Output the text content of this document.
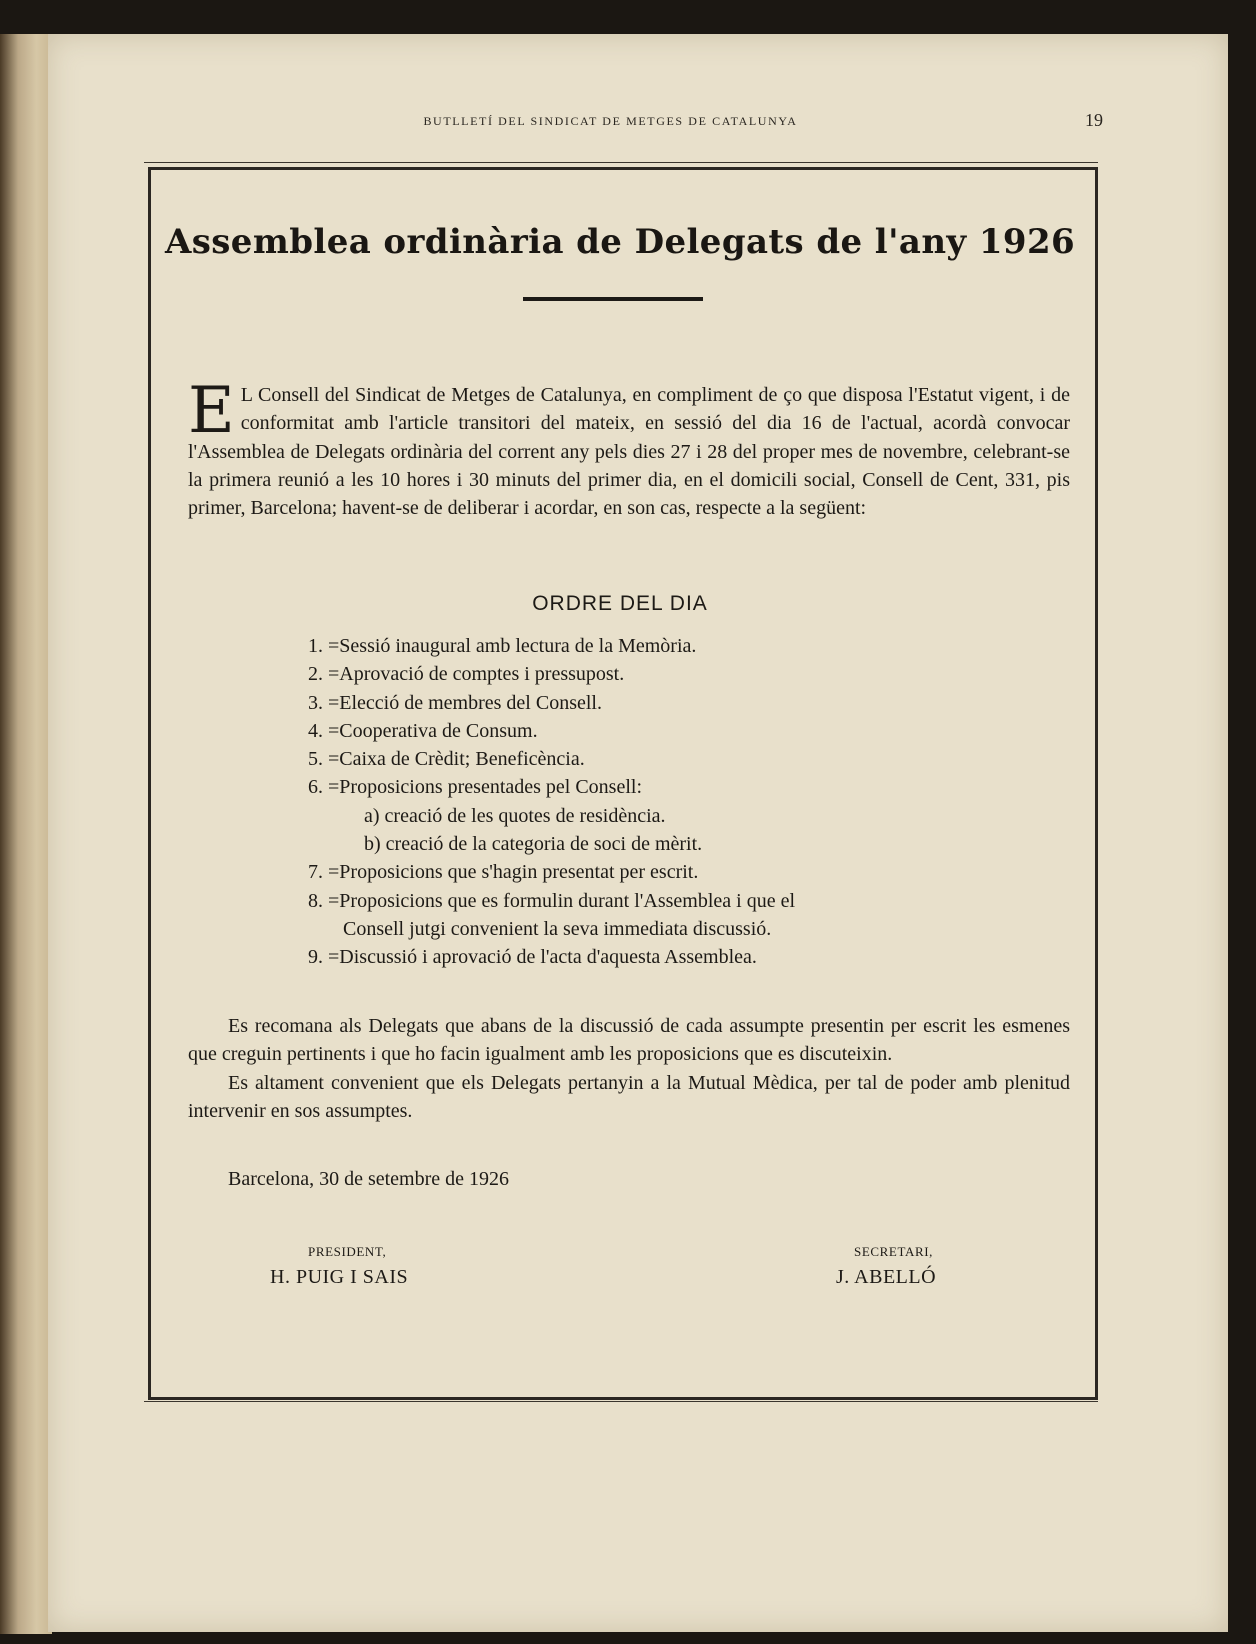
BUTLLETÍ DEL SINDICAT DE METGES DE CATALUNYA	19
Assemblea ordinària de Delegats de l'any 1926
E L Consell del Sindicat de Metges de Catalunya, en compliment de ço que disposa l'Estatut vigent, i de conformitat amb l'article transitori del mateix, en sessió del dia 16 de l'actual, acordà convocar l'Assemblea de Delegats ordinària del corrent any pels dies 27 i 28 del proper mes de novembre, celebrant-se la primera reunió a les 10 hores i 30 minuts del primer dia, en el domicili social, Consell de Cent, 331, pis primer, Barcelona; havent-se de deliberar i acordar, en son cas, respecte a la següent:
ORDRE DEL DIA
1. =Sessió inaugural amb lectura de la Memòria.
2. =Aprovació de comptes i pressupost.
3. =Elecció de membres del Consell.
4. =Cooperativa de Consum.
5. =Caixa de Crèdit; Beneficència.
6. =Proposicions presentades pel Consell:
a) creació de les quotes de residència.
b) creació de la categoria de soci de mèrit.
7. =Proposicions que s'hagin presentat per escrit.
8. =Proposicions que es formulin durant l'Assemblea i que el
Consell jutgi convenient la seva immediata discussió.
9. =Discussió i aprovació de l'acta d'aquesta Assemblea.

Es recomana als Delegats que abans de la discussió de cada assumpte presentin per escrit les esmenes que creguin pertinents i que ho facin igualment amb les proposicions que es discuteixin.

Es altament convenient que els Delegats pertanyin a la Mutual Mèdica, per tal de poder amb plenitud intervenir en sos assumptes.

Barcelona, 30 de setembre de 1926
PRESIDENT,
H. PUIG I SAIS
SECRETARI,
J. ABELLÓ
